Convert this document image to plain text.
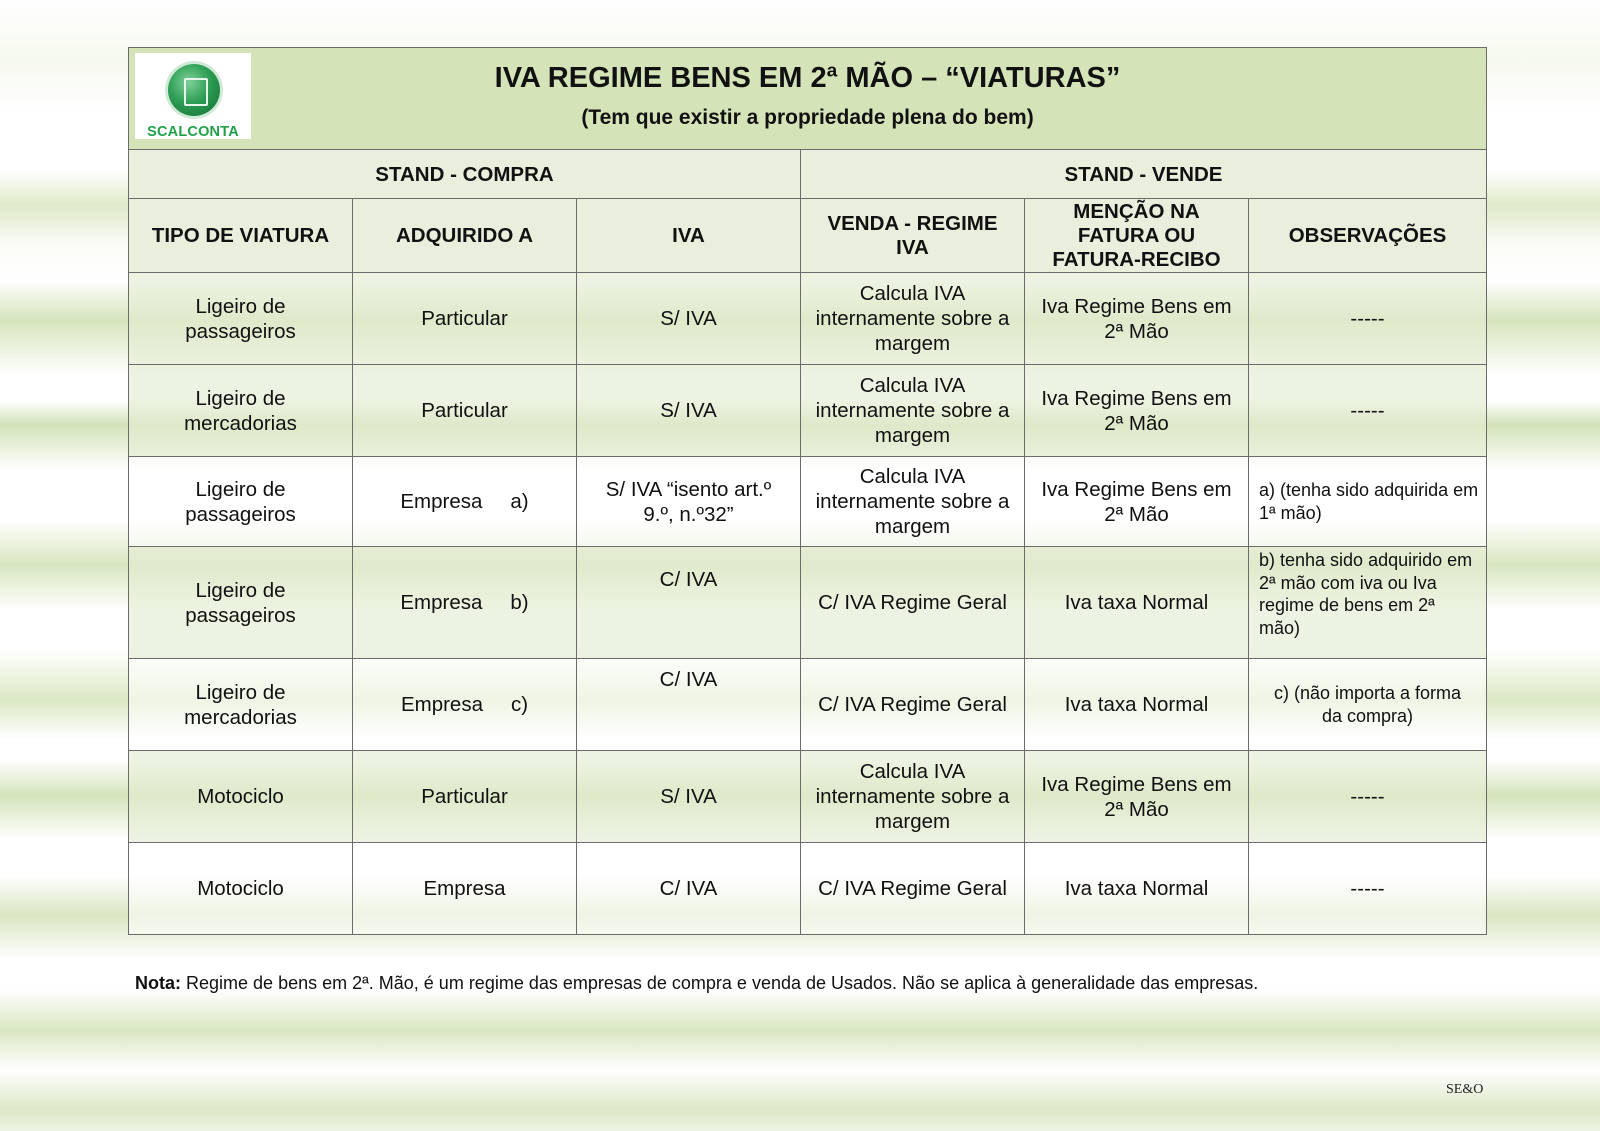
SCALCONTA
IVA REGIME BENS EM 2ª MÃO – “VIATURAS”
(Tem que existir a propriedade plena do bem)					

STAND - COMPRA			STAND - VENDE		
TIPO DE VIATURA	ADQUIRIDO A	IVA	VENDA - REGIME IVA	MENÇÃO NA FATURA OU FATURA-RECIBO	OBSERVAÇÕES
Ligeiro de passageiros	Particular	S/ IVA	Calcula IVA internamente sobre a margem	Iva Regime Bens em 2ª Mão	-----
Ligeiro de mercadorias	Particular	S/ IVA	Calcula IVA internamente sobre a margem	Iva Regime Bens em 2ª Mão	-----
Ligeiro de passageiros	Empresa a)	S/ IVA “isento art.º 9.º, n.º32”	Calcula IVA internamente sobre a margem	Iva Regime Bens em 2ª Mão	a) (tenha sido adquirida em 1ª mão)
Ligeiro de passageiros	Empresa b)	C/ IVA	C/ IVA Regime Geral	Iva taxa Normal	b) tenha sido adquirido em 2ª mão com iva ou Iva regime de bens em 2ª mão)
Ligeiro de mercadorias	Empresa c)	C/ IVA	C/ IVA Regime Geral	Iva taxa Normal	c) (não importa a forma da compra)
Motociclo	Particular	S/ IVA	Calcula IVA internamente sobre a margem	Iva Regime Bens em 2ª Mão	-----
Motociclo	Empresa	C/ IVA	C/ IVA Regime Geral	Iva taxa Normal	-----
Nota: Regime de bens em 2ª. Mão, é um regime das empresas de compra e venda de Usados. Não se aplica à generalidade das empresas.
SE&O
